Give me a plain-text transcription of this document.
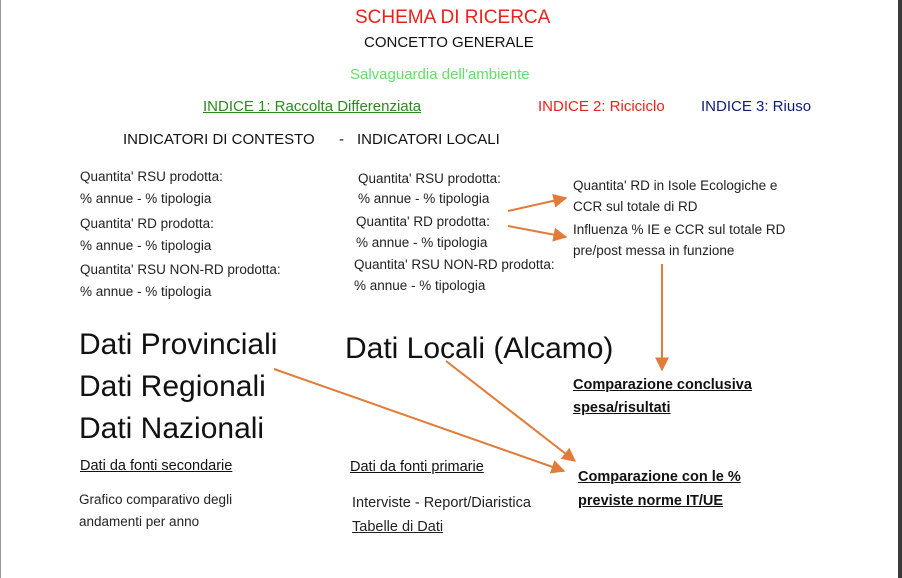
SCHEMA DI RICERCA
CONCETTO GENERALE
Salvaguardia dell'ambiente
INDICE 1: Raccolta Differenziata	INDICE 2: Riciciclo INDICE 3: Riuso
INDICATORI DI CONTESTO - INDICATORI LOCALI
Quantita' RSU prodotta:
% annue - % tipologia
Quantita' RD prodotta:
% annue - % tipologia
Quantita' RSU NON-RD prodotta:
% annue - % tipologia
Quantita' RSU prodotta:
% annue - % tipologia
Quantita' RD prodotta:
% annue - % tipologia
Quantita' RSU NON-RD prodotta:
% annue - % tipologia
Quantita' RD in Isole Ecologiche e
CCR sul totale di RD
Influenza % IE e CCR sul totale RD
pre/post messa in funzione
Dati Provinciali
Dati Regionali
Dati Nazionali
Dati Locali (Alcamo)
Dati da fonti secondarie
Grafico comparativo degli
andamenti per anno
Dati da fonti primarie
Interviste - Report/Diaristica
Tabelle di Dati
Comparazione conclusiva
spesa/risultati
Comparazione con le %
previste norme IT/UE
